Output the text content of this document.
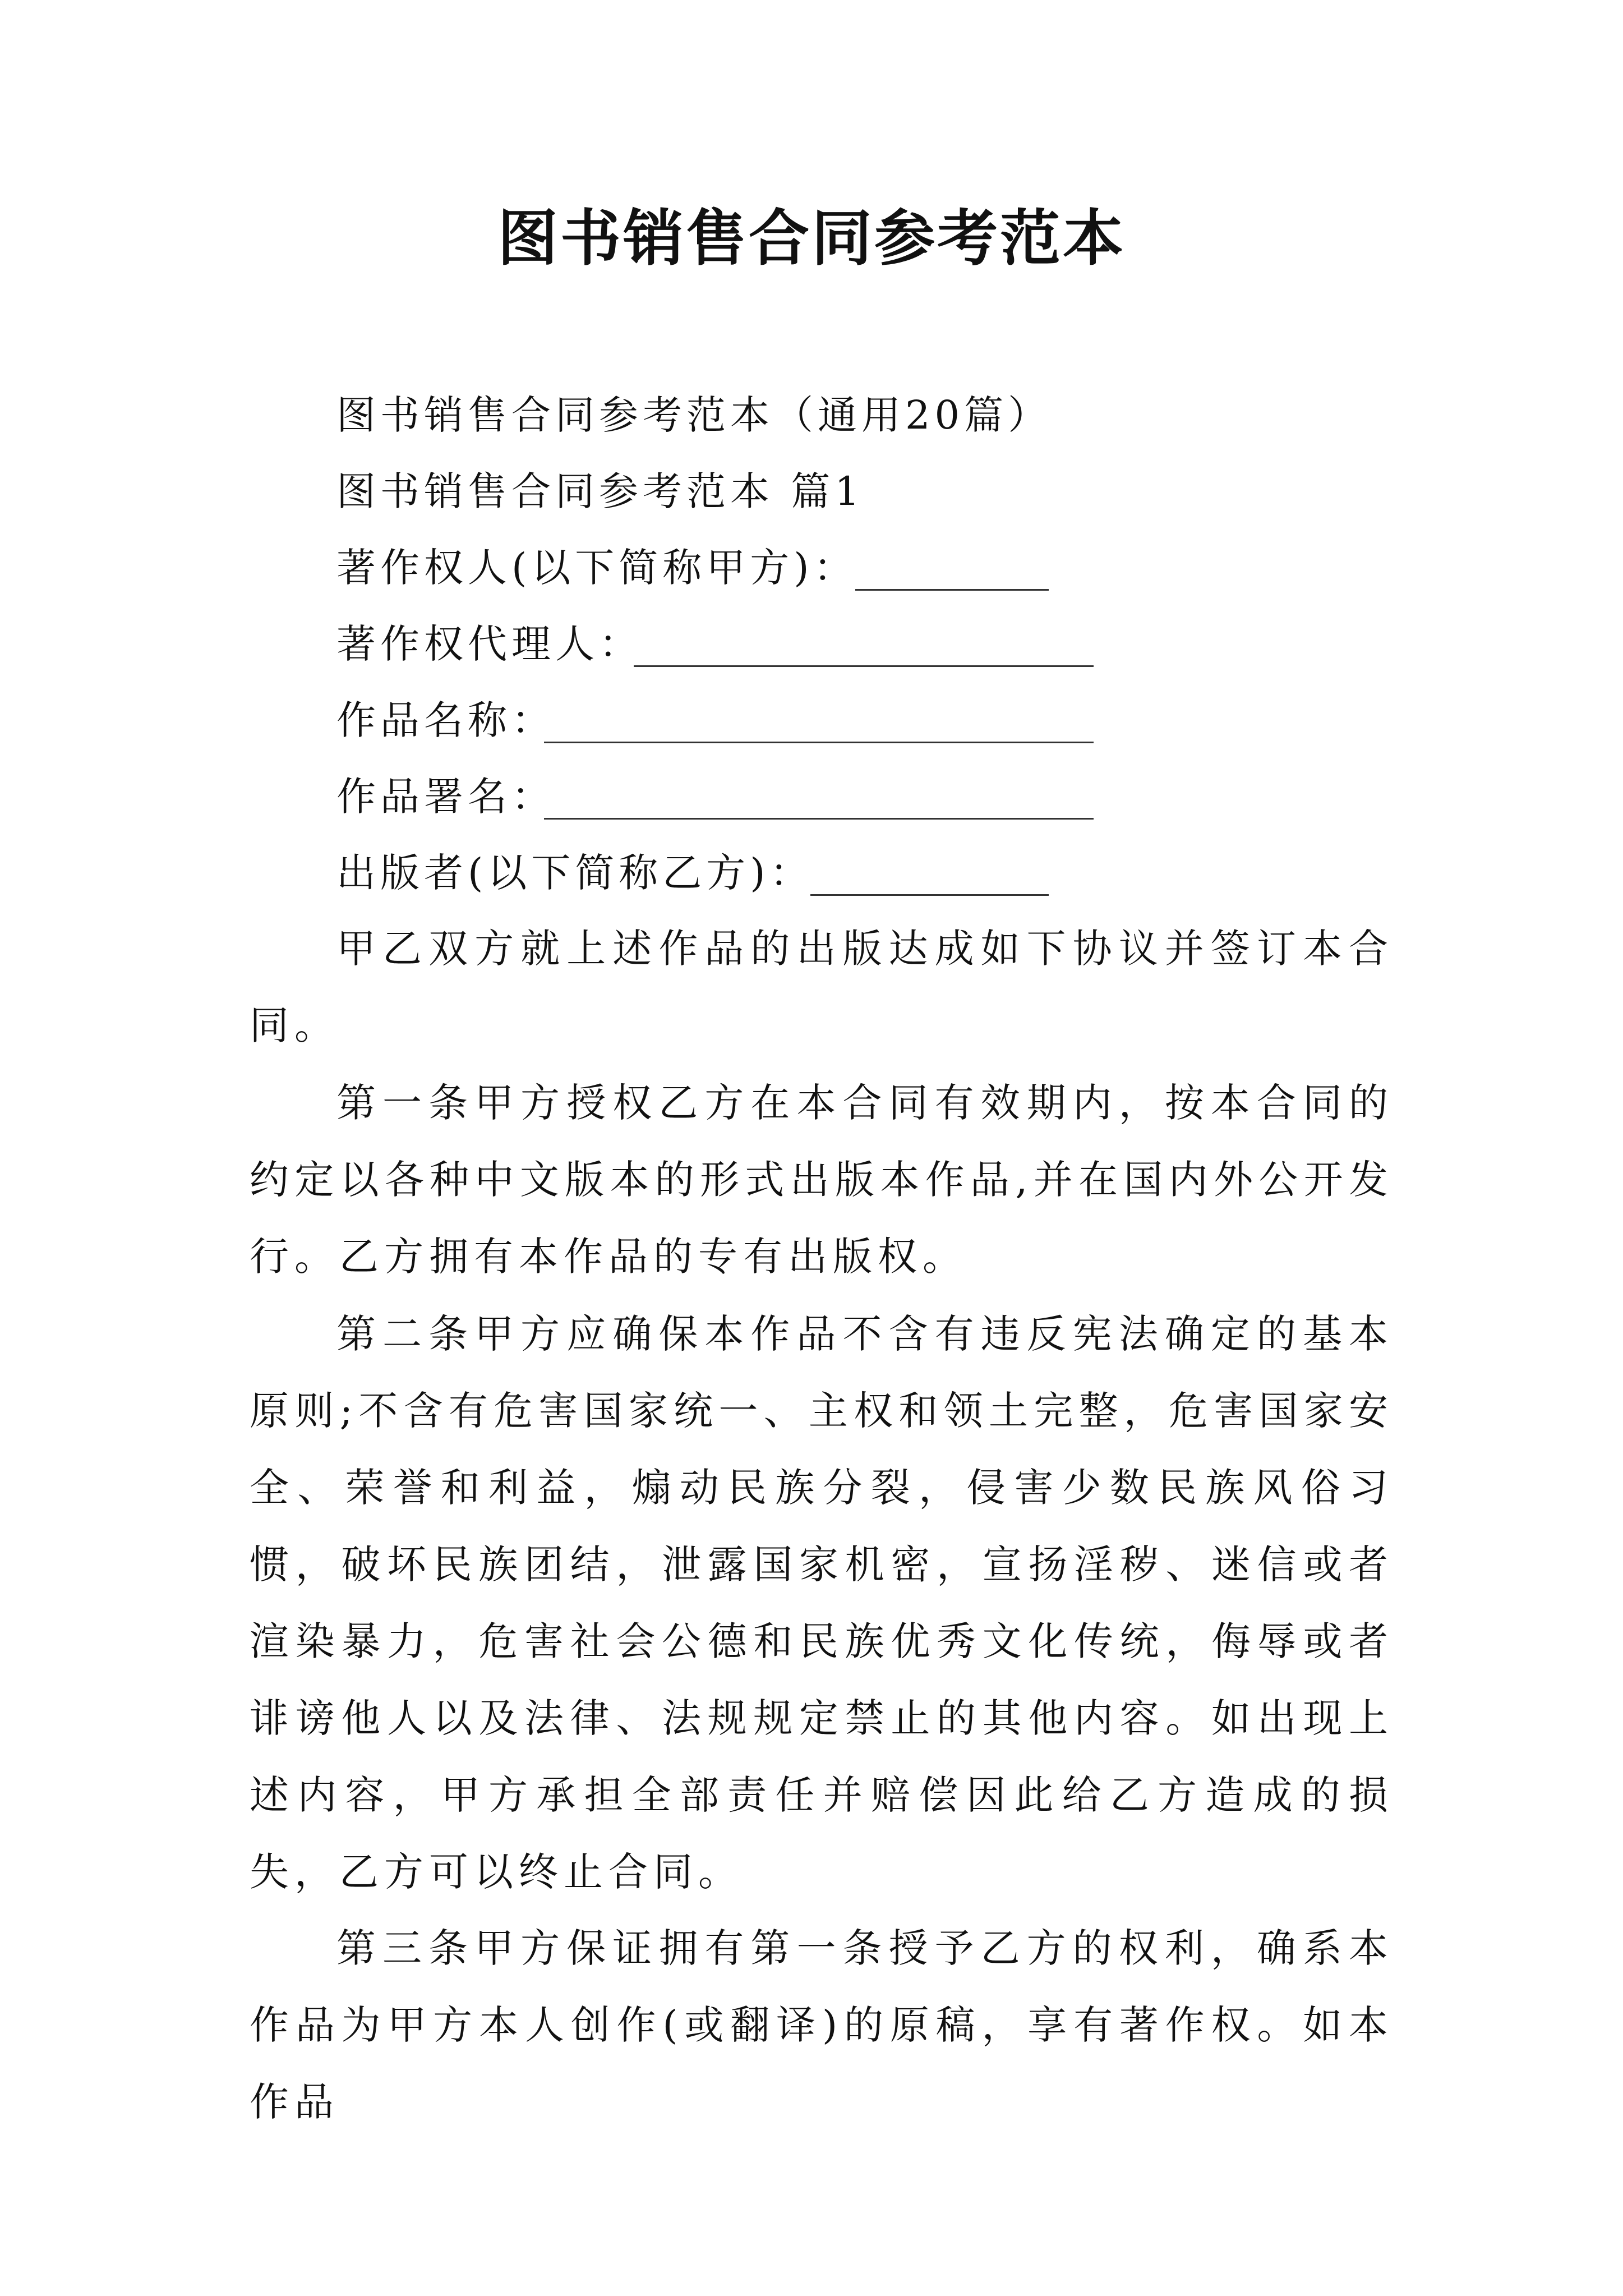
图书销售合同参考范本
图书销售合同参考范本（通用20篇）
图书销售合同参考范本 篇1
著作权人(以下简称甲方)：
著作权代理人：
作品名称：
作品署名：
出版者(以下简称乙方)：
甲乙双方就上述作品的出版达成如下协议并签订本合同。
第一条甲方授权乙方在本合同有效期内，按本合同的约定以各种中文版本的形式出版本作品,并在国内外公开发行。乙方拥有本作品的专有出版权。
第二条甲方应确保本作品不含有违反宪法确定的基本原则;不含有危害国家统一、主权和领土完整，危害国家安全、荣誉和利益，煽动民族分裂，侵害少数民族风俗习惯，破坏民族团结，泄露国家机密，宣扬淫秽、迷信或者渲染暴力，危害社会公德和民族优秀文化传统，侮辱或者诽谤他人以及法律、法规规定禁止的其他内容。如出现上述内容，甲方承担全部责任并赔偿因此给乙方造成的损失，乙方可以终止合同。
第三条甲方保证拥有第一条授予乙方的权利，确系本作品为甲方本人创作(或翻译)的原稿，享有著作权。如本作品
